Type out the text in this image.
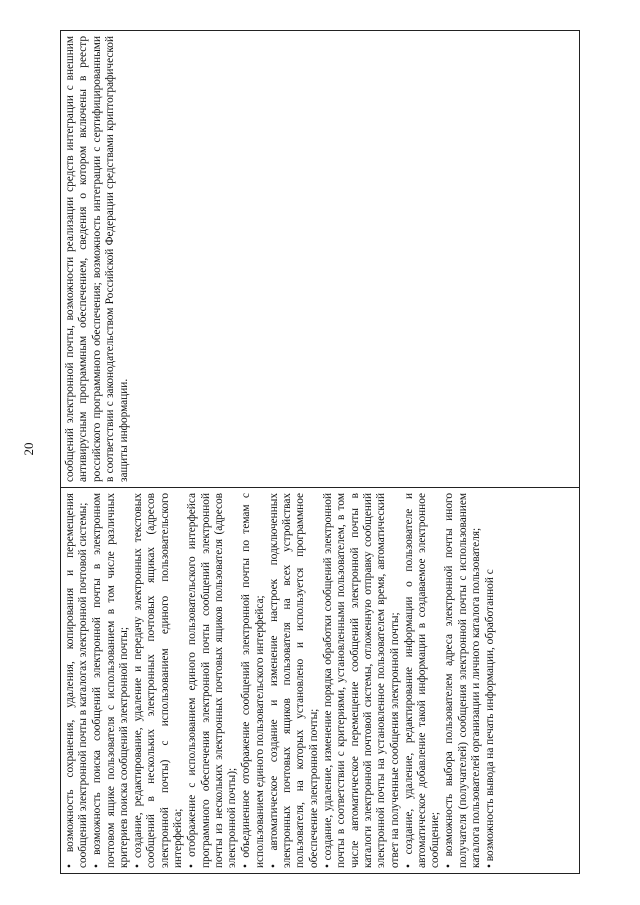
20

• возможность сохранения, удаления, копирования и перемещения сообщений электронной почты в каталогах электронной почтовой системы; • возможность поиска сообщений электронной почты в электронном почтовом ящике пользователя с использованием в том числе различных критериев поиска сообщений электронной почты; • создание, редактирование, удаление и передачу электронных текстовых сообщений в нескольких электронных почтовых ящиках (адресов электронной почты) с использованием единого пользовательского интерфейса; • отображение с использованием единого пользовательского интерфейса программного обеспечения электронной почты сообщений электронной почты из нескольких электронных почтовых ящиков пользователя (адресов электронной почты); • объединенное отображение сообщений электронной почты по темам с использованием единого пользовательского интерфейса; • автоматическое создание и изменение настроек подключенных электронных почтовых ящиков пользователя на всех устройствах пользователя, на которых установлено и используется программное обеспечение электронной почты; • создание, удаление, изменение порядка обработки сообщений электронной почты в соответствии с критериями, установленными пользователем, в том числе автоматическое перемещение сообщений электронной почты в каталоги электронной почтовой системы, отложенную отправку сообщений электронной почты на установленное пользователем время, автоматический ответ на полученные сообщения электронной почты; • создание, удаление, редактирование информации о пользователе и автоматическое добавление такой информации в создаваемое электронное сообщение; • возможность выбора пользователем адреса электронной почты иного получателя (получателей) сообщения электронной почты с использованием каталога пользователей организации и личного каталога пользователя; • возможность вывода на печать информации, обработанной с

сообщений электронной почты, возможности реализации средств интеграции с внешним антивирусным программным обеспечением, сведения о котором включены в реестр российского программного обеспечения; возможность интеграции с сертифицированными в соответствии с законодательством Российской Федерации средствами криптографической защиты информации.
